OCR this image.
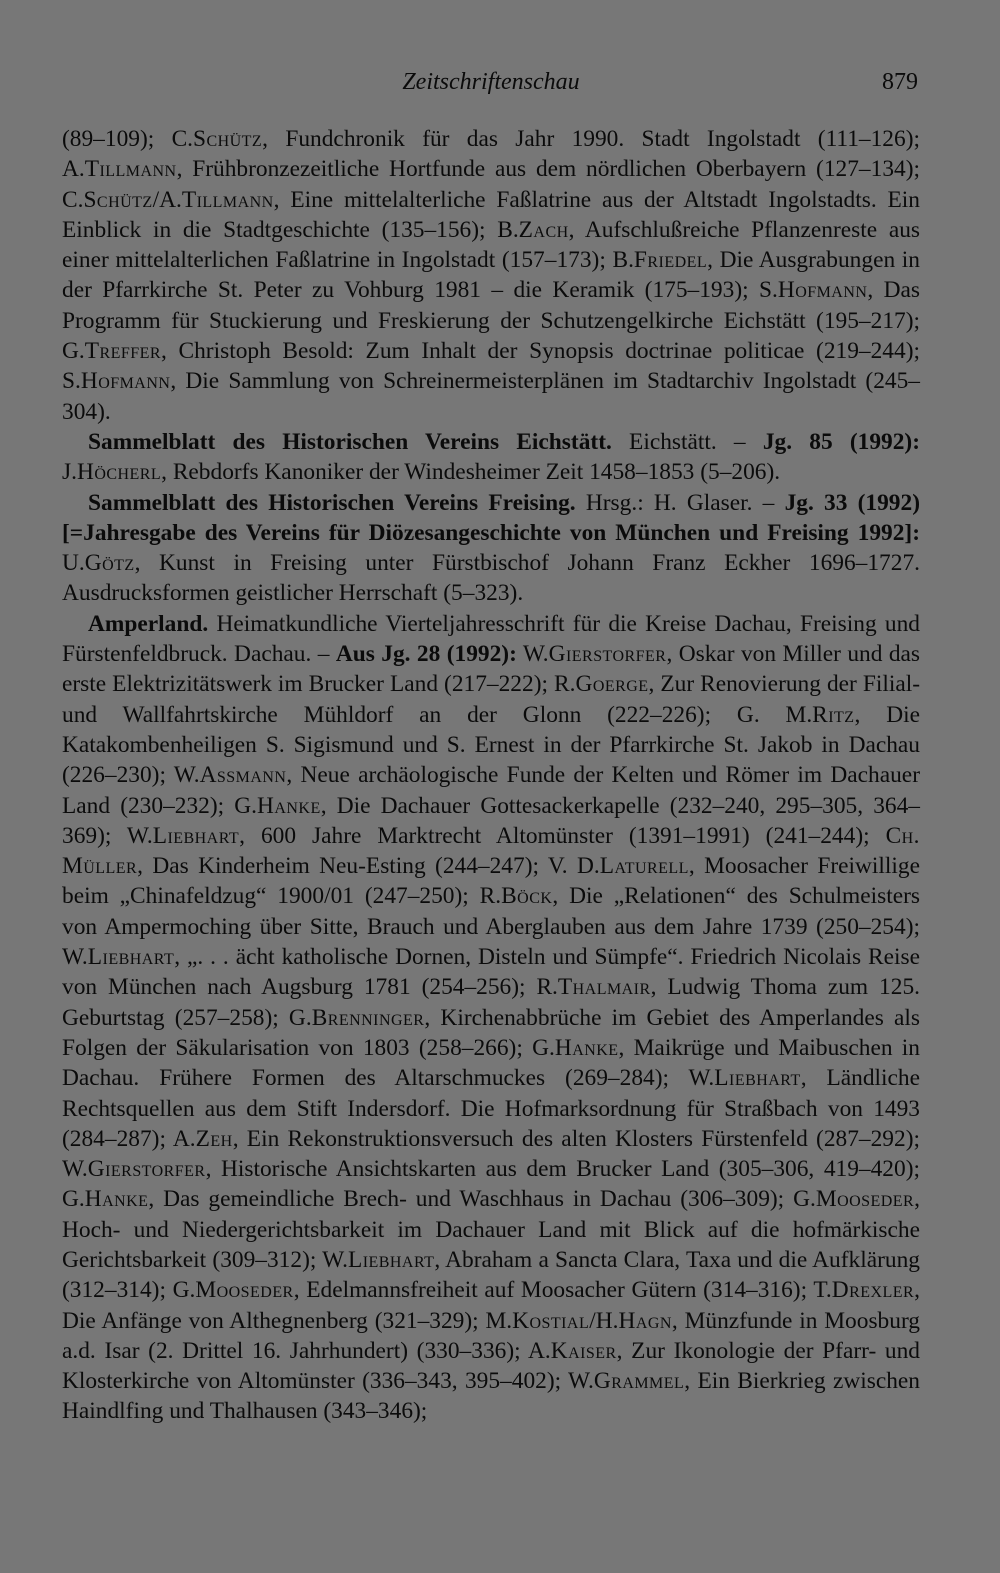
Zeitschriftenschau	879

(89–109); C.Schütz, Fundchronik für das Jahr 1990. Stadt Ingolstadt (111–126); A.Tillmann, Frühbronzezeitliche Hortfunde aus dem nördlichen Oberbayern (127–134); C.Schütz/A.Tillmann, Eine mittelalterliche Faßlatrine aus der Altstadt Ingolstadts. Ein Einblick in die Stadtgeschichte (135–156); B.Zach, Aufschlußreiche Pflanzenreste aus einer mittelalterlichen Faßlatrine in Ingolstadt (157–173); B.Friedel, Die Ausgrabungen in der Pfarrkirche St. Peter zu Vohburg 1981 – die Keramik (175–193); S.Hofmann, Das Programm für Stuckierung und Freskierung der Schutzengelkirche Eichstätt (195–217); G.Treffer, Christoph Besold: Zum Inhalt der Synopsis doctrinae politicae (219–244); S.Hofmann, Die Sammlung von Schreinermeisterplänen im Stadtarchiv Ingolstadt (245–304).

Sammelblatt des Historischen Vereins Eichstätt. Eichstätt. – Jg. 85 (1992): J.Höcherl, Rebdorfs Kanoniker der Windesheimer Zeit 1458–1853 (5–206).

Sammelblatt des Historischen Vereins Freising. Hrsg.: H. Glaser. – Jg. 33 (1992) [=Jahresgabe des Vereins für Diözesangeschichte von München und Freising 1992]: U.Götz, Kunst in Freising unter Fürstbischof Johann Franz Eckher 1696–1727. Ausdrucksformen geistlicher Herrschaft (5–323).

Amperland. Heimatkundliche Vierteljahresschrift für die Kreise Dachau, Freising und Fürstenfeldbruck. Dachau. – Aus Jg. 28 (1992): W.Gierstorfer, Oskar von Miller und das erste Elektrizitätswerk im Brucker Land (217–222); R.Goerge, Zur Renovierung der Filial- und Wallfahrtskirche Mühldorf an der Glonn (222–226); G. M.Ritz, Die Katakombenheiligen S. Sigismund und S. Ernest in der Pfarrkirche St. Jakob in Dachau (226–230); W.Assmann, Neue archäologische Funde der Kelten und Römer im Dachauer Land (230–232); G.Hanke, Die Dachauer Gottesackerkapelle (232–240, 295–305, 364–369); W.Liebhart, 600 Jahre Marktrecht Altomünster (1391–1991) (241–244); Ch. Müller, Das Kinderheim Neu-Esting (244–247); V. D.Laturell, Moosacher Freiwillige beim „Chinafeldzug“ 1900/01 (247–250); R.Böck, Die „Relationen“ des Schulmeisters von Ampermoching über Sitte, Brauch und Aberglauben aus dem Jahre 1739 (250–254); W.Liebhart, „. . . ächt katholische Dornen, Disteln und Sümpfe“. Friedrich Nicolais Reise von München nach Augsburg 1781 (254–256); R.Thalmair, Ludwig Thoma zum 125. Geburtstag (257–258); G.Brenninger, Kirchenabbrüche im Gebiet des Amperlandes als Folgen der Säkularisation von 1803 (258–266); G.Hanke, Maikrüge und Maibuschen in Dachau. Frühere Formen des Altarschmuckes (269–284); W.Liebhart, Ländliche Rechtsquellen aus dem Stift Indersdorf. Die Hofmarksordnung für Straßbach von 1493 (284–287); A.Zeh, Ein Rekonstruktionsversuch des alten Klosters Fürstenfeld (287–292); W.Gierstorfer, Historische Ansichtskarten aus dem Brucker Land (305–306, 419–420); G.Hanke, Das gemeindliche Brech- und Waschhaus in Dachau (306–309); G.Mooseder, Hoch- und Niedergerichtsbarkeit im Dachauer Land mit Blick auf die hofmärkische Gerichtsbarkeit (309–312); W.Liebhart, Abraham a Sancta Clara, Taxa und die Aufklärung (312–314); G.Mooseder, Edelmannsfreiheit auf Moosacher Gütern (314–316); T.Drexler, Die Anfänge von Althegnenberg (321–329); M.Kostial/H.Hagn, Münzfunde in Moosburg a.d. Isar (2. Drittel 16. Jahrhundert) (330–336); A.Kaiser, Zur Ikonologie der Pfarr- und Klosterkirche von Altomünster (336–343, 395–402); W.Grammel, Ein Bierkrieg zwischen Haindlfing und Thalhausen (343–346);
